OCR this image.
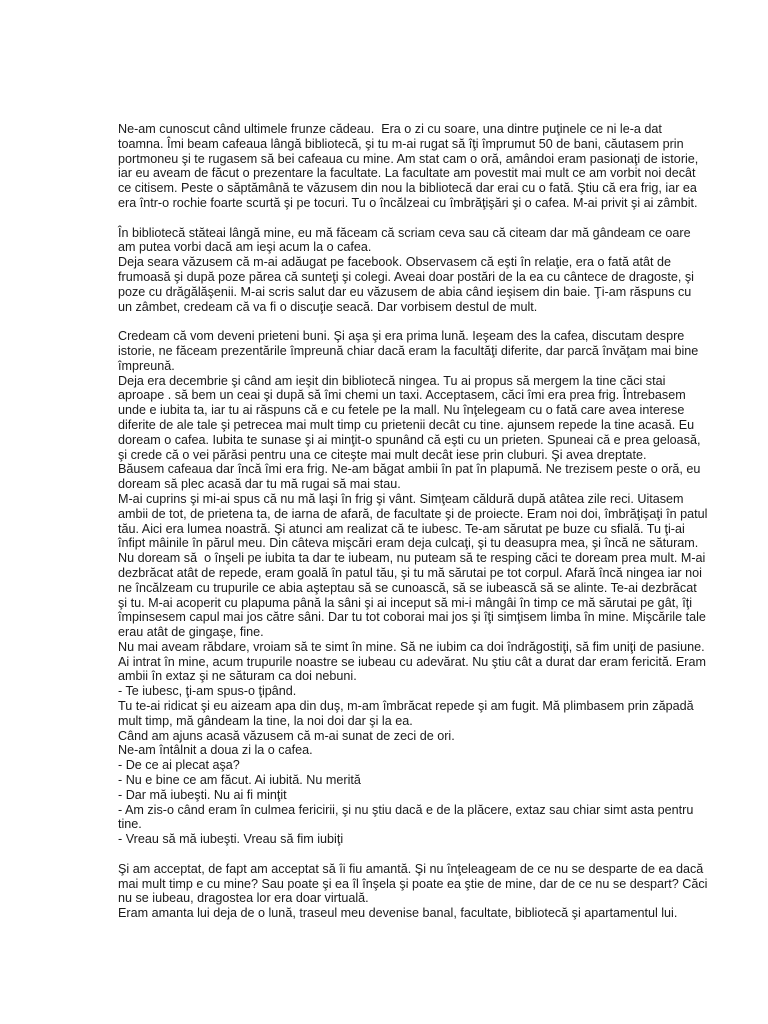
Ne-am cunoscut când ultimele frunze cădeau.  Era o zi cu soare, una dintre puţinele ce ni le-a dat
toamna. Îmi beam cafeaua lângă bibliotecă, şi tu m-ai rugat să îţi împrumut 50 de bani, căutasem prin
portmoneu şi te rugasem să bei cafeaua cu mine. Am stat cam o oră, amândoi eram pasionaţi de istorie,
iar eu aveam de făcut o prezentare la facultate. La facultate am povestit mai mult ce am vorbit noi decât
ce citisem. Peste o săptămână te văzusem din nou la bibliotecă dar erai cu o fată. Ştiu că era frig, iar ea
era într-o rochie foarte scurtă şi pe tocuri. Tu o încălzeai cu îmbrăţişări şi o cafea. M-ai privit şi ai zâmbit.
În bibliotecă stăteai lângă mine, eu mă făceam că scriam ceva sau că citeam dar mă gândeam ce oare
am putea vorbi dacă am ieşi acum la o cafea.
Deja seara văzusem că m-ai adăugat pe facebook. Observasem că eşti în relaţie, era o fată atât de
frumoasă şi după poze părea că sunteţi şi colegi. Aveai doar postări de la ea cu cântece de dragoste, şi
poze cu drăgălăşenii. M-ai scris salut dar eu văzusem de abia când ieşisem din baie. Ţi-am răspuns cu
un zâmbet, credeam că va fi o discuţie seacă. Dar vorbisem destul de mult.
Credeam că vom deveni prieteni buni. Şi aşa şi era prima lună. Ieşeam des la cafea, discutam despre
istorie, ne făceam prezentările împreună chiar dacă eram la facultăţi diferite, dar parcă învăţam mai bine
împreună.
Deja era decembrie şi când am ieşit din bibliotecă ningea. Tu ai propus să mergem la tine căci stai
aproape . să bem un ceai şi după să îmi chemi un taxi. Acceptasem, căci îmi era prea frig. Întrebasem
unde e iubita ta, iar tu ai răspuns că e cu fetele pe la mall. Nu înţelegeam cu o fată care avea interese
diferite de ale tale şi petrecea mai mult timp cu prietenii decât cu tine. ajunsem repede la tine acasă. Eu
doream o cafea. Iubita te sunase şi ai minţit-o spunând că eşti cu un prieten. Spuneai că e prea geloasă,
şi crede că o vei părăsi pentru una ce citeşte mai mult decât iese prin cluburi. Şi avea dreptate.
Băusem cafeaua dar încă îmi era frig. Ne-am băgat ambii în pat în plapumă. Ne trezisem peste o oră, eu
doream să plec acasă dar tu mă rugai să mai stau.
M-ai cuprins şi mi-ai spus că nu mă laşi în frig şi vânt. Simţeam căldură după atâtea zile reci. Uitasem
ambii de tot, de prietena ta, de iarna de afară, de facultate şi de proiecte. Eram noi doi, îmbrăţişaţi în patul
tău. Aici era lumea noastră. Şi atunci am realizat că te iubesc. Te-am sărutat pe buze cu sfială. Tu ţi-ai
înfipt mâinile în părul meu. Din câteva mişcări eram deja culcaţi, şi tu deasupra mea, şi încă ne săturam.
Nu doream să  o înşeli pe iubita ta dar te iubeam, nu puteam să te resping căci te doream prea mult. M-ai
dezbrăcat atât de repede, eram goală în patul tău, şi tu mă sărutai pe tot corpul. Afară încă ningea iar noi
ne încălzeam cu trupurile ce abia aşteptau să se cunoască, să se iubească să se alinte. Te-ai dezbrăcat
şi tu. M-ai acoperit cu plapuma până la sâni şi ai inceput să mi-i mângâi în timp ce mă sărutai pe gât, îţi
împinsesem capul mai jos către sâni. Dar tu tot coborai mai jos şi îţi simţisem limba în mine. Mişcările tale
erau atât de gingaşe, fine.
Nu mai aveam răbdare, vroiam să te simt în mine. Să ne iubim ca doi îndrăgostiţi, să fim uniţi de pasiune.
Ai intrat în mine, acum trupurile noastre se iubeau cu adevărat. Nu ştiu cât a durat dar eram fericită. Eram
ambii în extaz şi ne săturam ca doi nebuni.
- Te iubesc, ţi-am spus-o ţipând.
Tu te-ai ridicat şi eu aizeam apa din duş, m-am îmbrăcat repede şi am fugit. Mă plimbasem prin zăpadă
mult timp, mă gândeam la tine, la noi doi dar şi la ea.
Când am ajuns acasă văzusem că m-ai sunat de zeci de ori.
Ne-am întâlnit a doua zi la o cafea.
- De ce ai plecat aşa?
- Nu e bine ce am făcut. Ai iubită. Nu merită
- Dar mă iubeşti. Nu ai fi minţit
- Am zis-o când eram în culmea fericirii, şi nu ştiu dacă e de la plăcere, extaz sau chiar simt asta pentru
tine.
- Vreau să mă iubeşti. Vreau să fim iubiţi
Şi am acceptat, de fapt am acceptat să îi fiu amantă. Şi nu înţeleageam de ce nu se desparte de ea dacă
mai mult timp e cu mine? Sau poate şi ea îl înşela şi poate ea ştie de mine, dar de ce nu se despart? Căci
nu se iubeau, dragostea lor era doar virtuală.
Eram amanta lui deja de o lună, traseul meu devenise banal, facultate, bibliotecă şi apartamentul lui.
